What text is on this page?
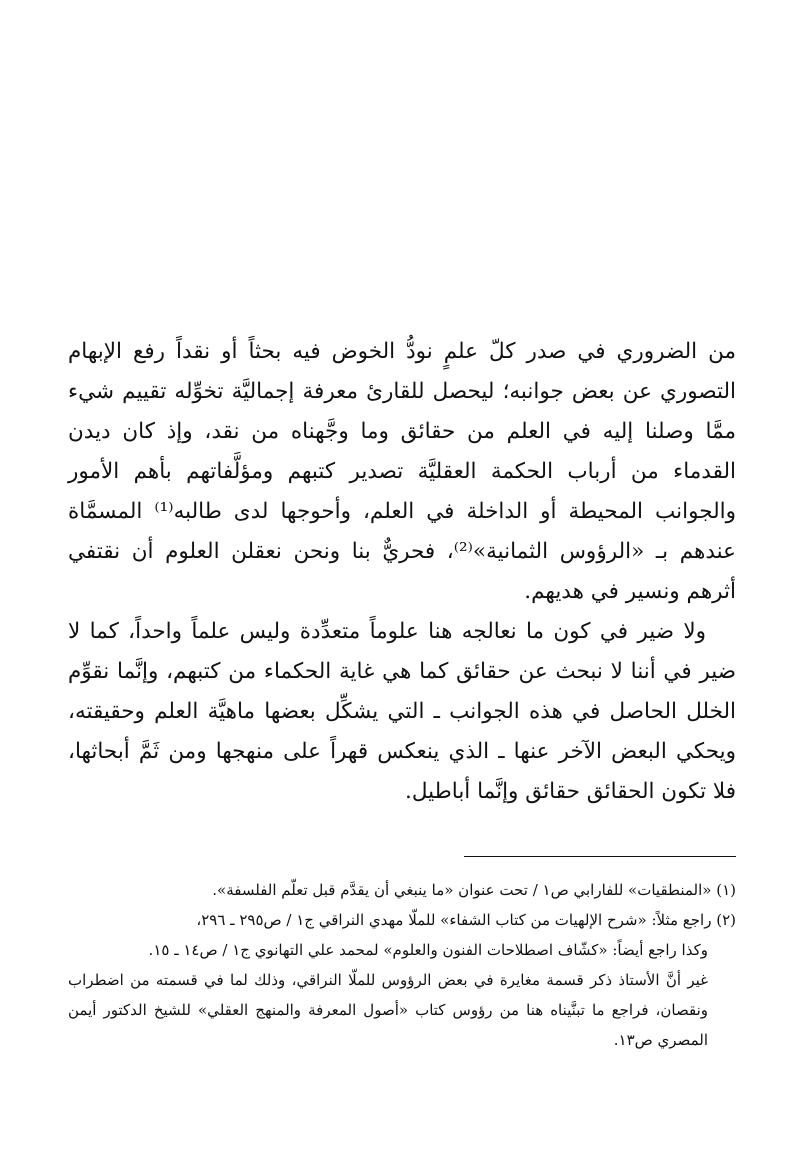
من الضروري في صدر كلّ علمٍ نودُّ الخوض فيه بحثاً أو نقداً رفع الإبهام التصوري عن بعض جوانبه؛ ليحصل للقارئ معرفة إجماليَّة تخوِّله تقييم شيء ممَّا وصلنا إليه في العلم من حقائق وما وجَّهناه من نقد، وإذ كان ديدن القدماء من أرباب الحكمة العقليَّة تصدير كتبهم ومؤلَّفاتهم بأهم الأمور والجوانب المحيطة أو الداخلة في العلم، وأحوجها لدى طالبه⁽¹⁾ المسمَّاة عندهم بـ «الرؤوس الثمانية»⁽²⁾، فحريٌّ بنا ونحن نعقلن العلوم أن نقتفي أثرهم ونسير في هديهم.

ولا ضير في كون ما نعالجه هنا علوماً متعدِّدة وليس علماً واحداً، كما لا ضير في أننا لا نبحث عن حقائق كما هي غاية الحكماء من كتبهم، وإنَّما نقوِّم الخلل الحاصل في هذه الجوانب ـ التي يشكِّل بعضها ماهيَّة العلم وحقيقته، ويحكي البعض الآخر عنها ـ الذي ينعكس قهراً على منهجها ومن ثَمَّ أبحاثها، فلا تكون الحقائق حقائق وإنَّما أباطيل.

(١) «المنطقيات» للفارابي ص١ / تحت عنوان «ما ينبغي أن يقدَّم قبل تعلّم الفلسفة».
(٢) راجع مثلاً: «شرح الإلهيات من كتاب الشفاء» للملّا مهدي النراقي ج١ / ص٢٩٥ ـ ٢٩٦،
وكذا راجع أيضاً: «كشّاف اصطلاحات الفنون والعلوم» لمحمد علي التهانوي ج١ / ص١٤ ـ ١٥.
غير أنَّ الأستاذ ذكر قسمة مغايرة في بعض الرؤوس للملّا النراقي، وذلك لما في قسمته من اضطراب ونقصان، فراجع ما تبنَّيناه هنا من رؤوس كتاب «أصول المعرفة والمنهج العقلي» للشيخ الدكتور أيمن المصري ص١٣.
